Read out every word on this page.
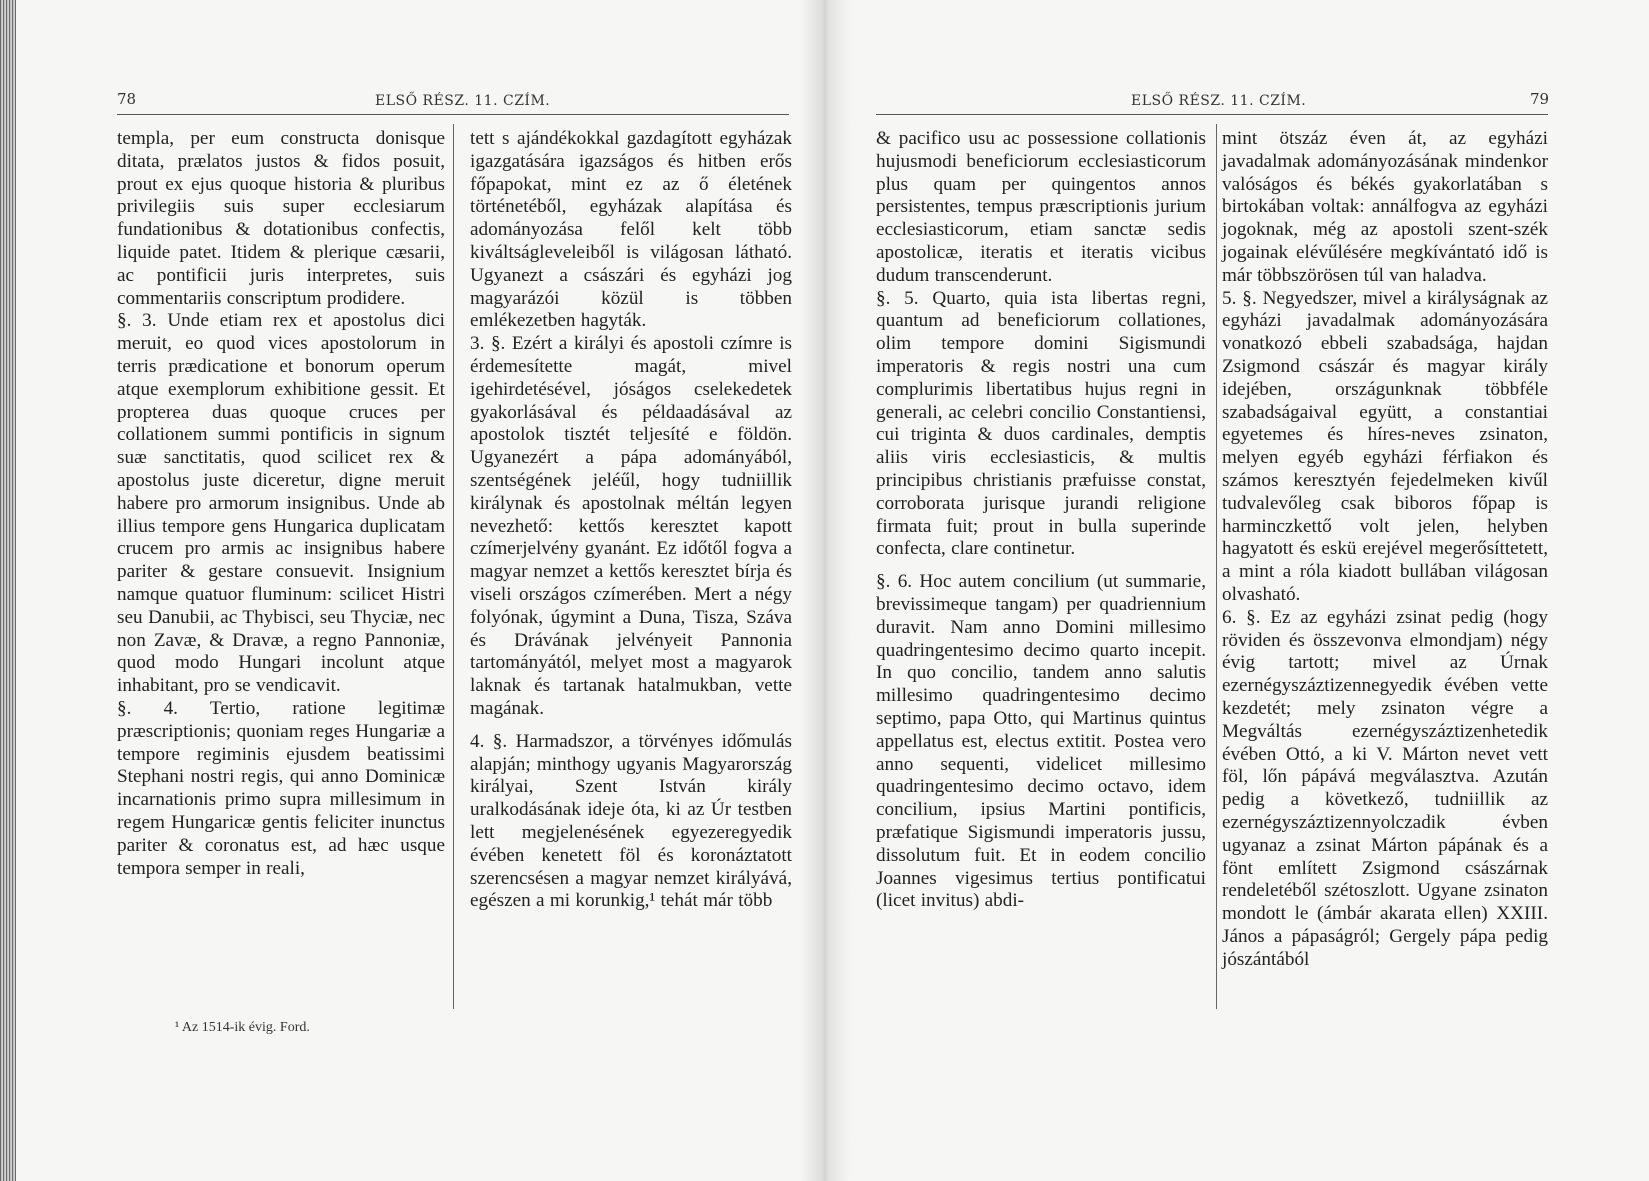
78	ELSŐ RÉSZ. 11. CZÍM.

templa, per eum constructa donisque ditata, prælatos justos & fidos posuit, prout ex ejus quoque historia & pluribus privilegiis suis super ecclesiarum fundationibus & dotationibus confectis, liquide patet. Itidem & plerique cæsarii, ac pontificii juris interpretes, suis commentariis conscriptum prodidere.

§. 3. Unde etiam rex et apostolus dici meruit, eo quod vices apostolorum in terris prædicatione et bonorum operum atque exemplorum exhibitione gessit. Et propterea duas quoque cruces per collationem summi pontificis in signum suæ sanctitatis, quod scilicet rex & apostolus juste diceretur, digne meruit habere pro armorum insignibus. Unde ab illius tempore gens Hungarica duplicatam crucem pro armis ac insignibus habere pariter & gestare consuevit. Insignium namque quatuor fluminum: scilicet Histri seu Danubii, ac Thybisci, seu Thyciæ, nec non Zavæ, & Dravæ, a regno Pannoniæ, quod modo Hungari incolunt atque inhabitant, pro se vendicavit.

§. 4. Tertio, ratione legitimæ præscriptionis; quoniam reges Hungariæ a tempore regiminis ejusdem beatissimi Stephani nostri regis, qui anno Dominicæ incarnationis primo supra millesimum in regem Hungaricæ gentis feliciter inunctus pariter & coronatus est, ad hæc usque tempora semper in reali,

tett s ajándékokkal gazdagított egyházak igazgatására igazságos és hitben erős főpapokat, mint ez az ő életének történetéből, egyházak alapítása és adományozása felől kelt több kiváltságleveleiből is világosan látható. Ugyanezt a császári és egyházi jog magyarázói közül is többen emlékezetben hagyták.

3. §. Ezért a királyi és apostoli czímre is érdemesítette magát, mivel igehirdetésével, jóságos cselekedetek gyakorlásával és példaadásával az apostolok tisztét teljesíté e földön. Ugyanezért a pápa adományából, szentségének jeléűl, hogy tudniillik királynak és apostolnak méltán legyen nevezhető: kettős keresztet kapott czímerjelvény gyanánt. Ez időtől fogva a magyar nemzet a kettős keresztet bírja és viseli országos czímerében. Mert a négy folyónak, úgymint a Duna, Tisza, Száva és Drávának jelvényeit Pannonia tartományától, melyet most a magyarok laknak és tartanak hatalmukban, vette magának.

4. §. Harmadszor, a törvényes időmulás alapján; minthogy ugyanis Magyarország királyai, Szent István király uralkodásának ideje óta, ki az Úr testben lett megjelenésének egyezeregyedik évében kenetett föl és koronáztatott szerencsésen a magyar nemzet királyává, egészen a mi korunkig,¹ tehát már több

¹ Az 1514-ik évig. Ford.
ELSŐ RÉSZ. 11. CZÍM.	79

& pacifico usu ac possessione collationis hujusmodi beneficiorum ecclesiasticorum plus quam per quingentos annos persistentes, tempus præscriptionis jurium ecclesiasticorum, etiam sanctæ sedis apostolicæ, iteratis et iteratis vicibus dudum transcenderunt.

§. 5. Quarto, quia ista libertas regni, quantum ad beneficiorum collationes, olim tempore domini Sigismundi imperatoris & regis nostri una cum complurimis libertatibus hujus regni in generali, ac celebri concilio Constantiensi, cui triginta & duos cardinales, demptis aliis viris ecclesiasticis, & multis principibus christianis præfuisse constat, corroborata jurisque jurandi religione firmata fuit; prout in bulla superinde confecta, clare continetur.

§. 6. Hoc autem concilium (ut summarie, brevissimeque tangam) per quadriennium duravit. Nam anno Domini millesimo quadringentesimo decimo quarto incepit. In quo concilio, tandem anno salutis millesimo quadringentesimo decimo septimo, papa Otto, qui Martinus quintus appellatus est, electus extitit. Postea vero anno sequenti, videlicet millesimo quadringentesimo decimo octavo, idem concilium, ipsius Martini pontificis, præfatique Sigismundi imperatoris jussu, dissolutum fuit. Et in eodem concilio Joannes vigesimus tertius pontificatui (licet invitus) abdi-

mint ötszáz éven át, az egyházi javadalmak adományozásának mindenkor valóságos és békés gyakorlatában s birtokában voltak: annálfogva az egyházi jogoknak, még az apostoli szent-szék jogainak elévűlésére megkívántató idő is már többszörösen túl van haladva.

5. §. Negyedszer, mivel a királyságnak az egyházi javadalmak adományozására vonatkozó ebbeli szabadsága, hajdan Zsigmond császár és magyar király idejében, országunknak többféle szabadságaival együtt, a constantiai egyetemes és híres-neves zsinaton, melyen egyéb egyházi férfiakon és számos keresztyén fejedelmeken kivűl tudvalevőleg csak biboros főpap is harminczkettő volt jelen, helyben hagyatott és eskü erejével megerősíttetett, a mint a róla kiadott bullában világosan olvasható.

6. §. Ez az egyházi zsinat pedig (hogy röviden és összevonva elmondjam) négy évig tartott; mivel az Úrnak ezernégyszáztizennegyedik évében vette kezdetét; mely zsinaton végre a Megváltás ezernégyszáztizenhetedik évében Ottó, a ki V. Márton nevet vett föl, lőn pápává megválasztva. Azután pedig a következő, tudniillik az ezernégyszáztizennyolczadik évben ugyanaz a zsinat Márton pápának és a fönt említett Zsigmond császárnak rendeletéből szétoszlott. Ugyane zsinaton mondott le (ámbár akarata ellen) XXIII. János a pápaságról; Gergely pápa pedig jószántából
